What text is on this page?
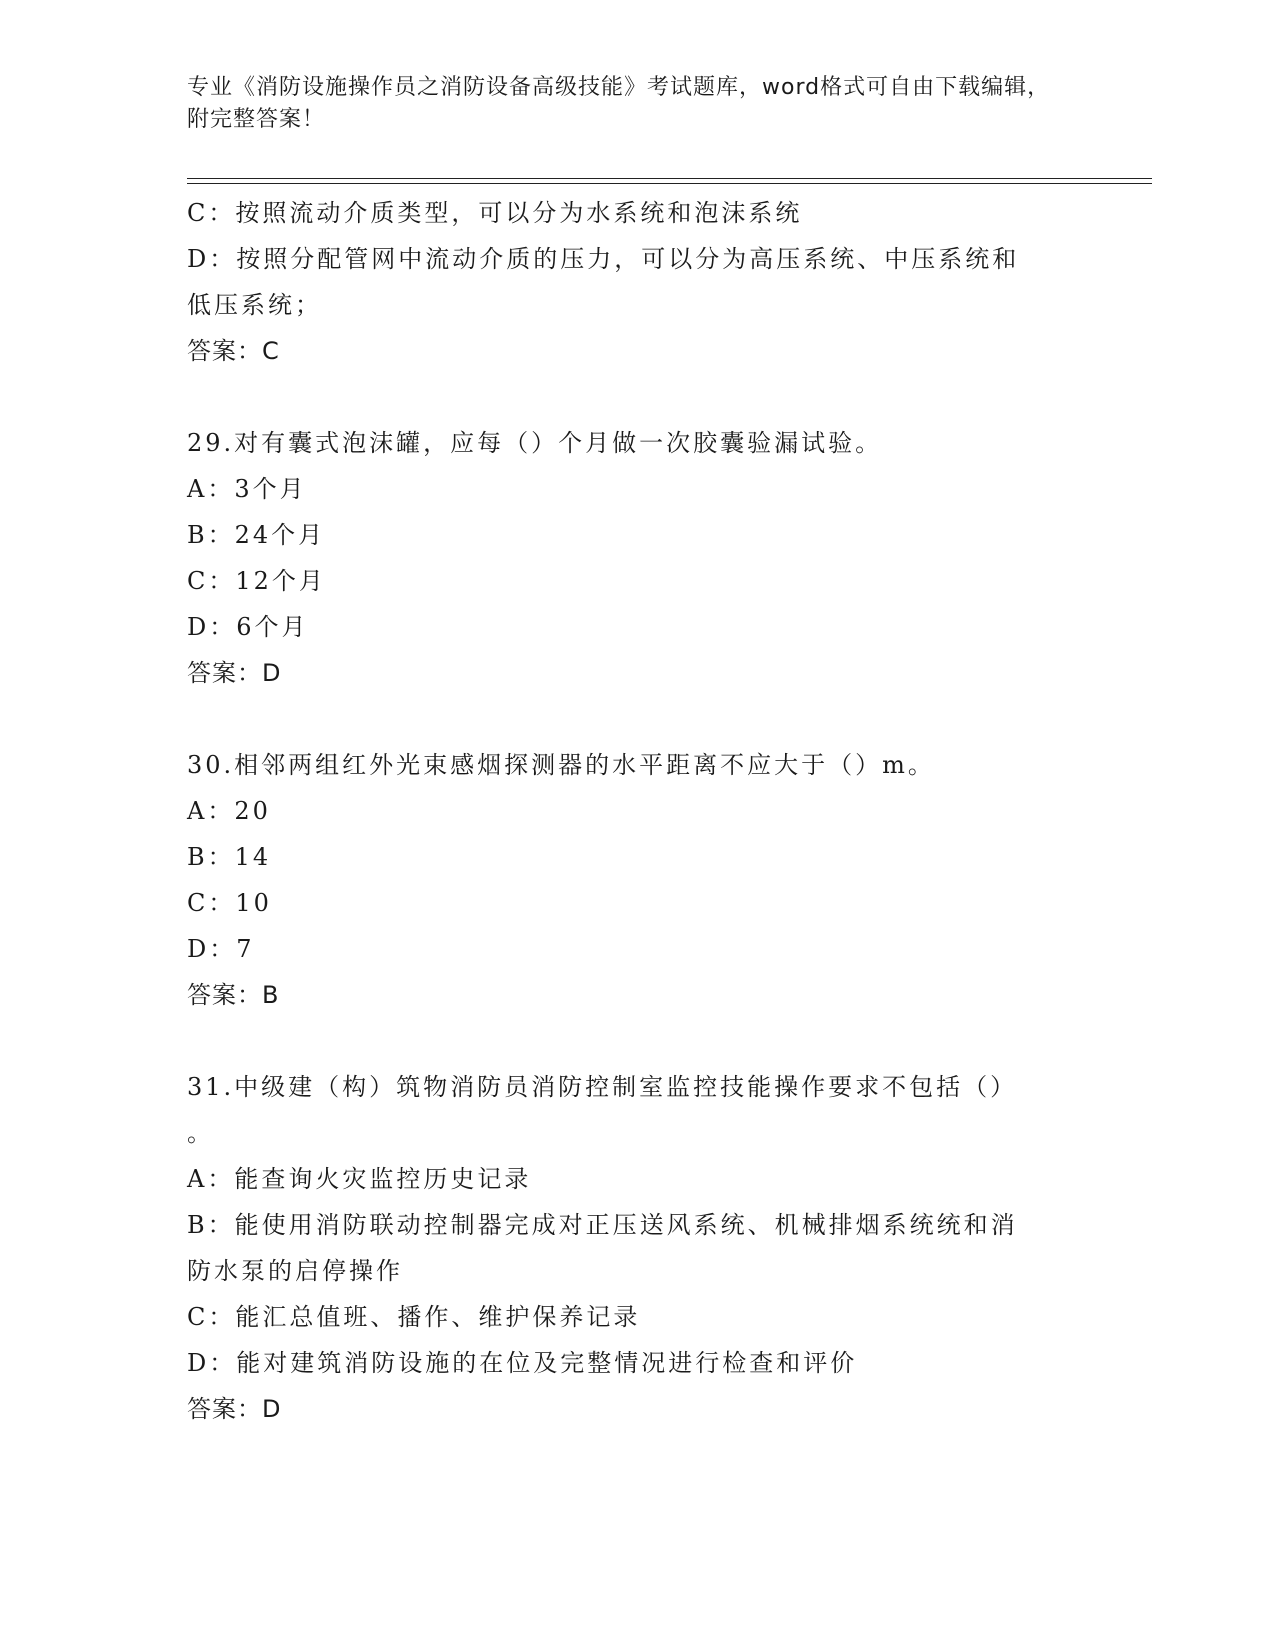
专业《消防设施操作员之消防设备高级技能》考试题库，word格式可自由下载编辑，附完整答案！
C：按照流动介质类型，可以分为水系统和泡沫系统
D：按照分配管网中流动介质的压力，可以分为高压系统、中压系统和
低压系统；
答案：C
29.对有囊式泡沫罐，应每（）个月做一次胶囊验漏试验。
A：3个月
B：24个月
C：12个月
D：6个月
答案：D
30.相邻两组红外光束感烟探测器的水平距离不应大于（）m。
A：20
B：14
C：10
D：7
答案：B
31.中级建（构）筑物消防员消防控制室监控技能操作要求不包括（）
。
A：能查询火灾监控历史记录
B：能使用消防联动控制器完成对正压送风系统、机械排烟系统统和消
防水泵的启停操作
C：能汇总值班、播作、维护保养记录
D：能对建筑消防设施的在位及完整情况进行检查和评价
答案：D
